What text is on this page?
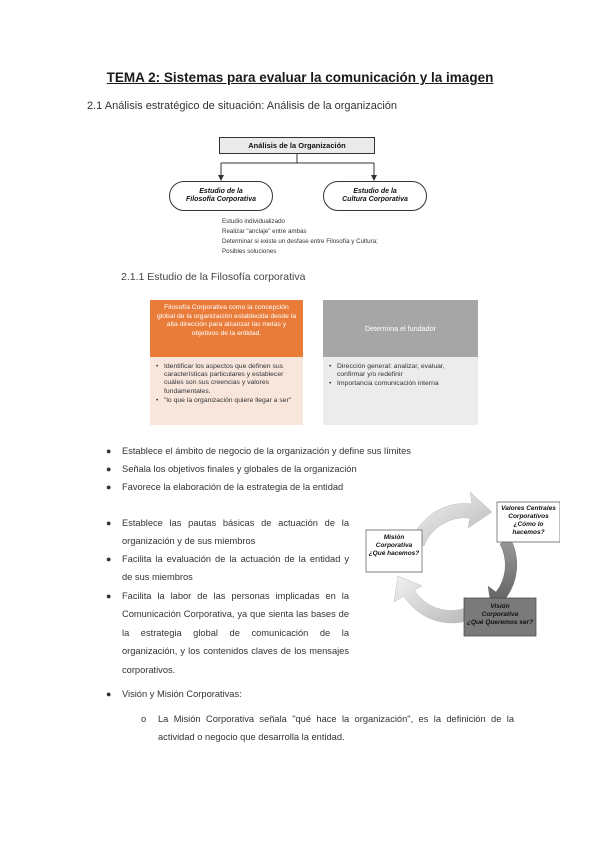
TEMA 2: Sistemas para evaluar la comunicación y la imagen
2.1 Análisis estratégico de situación: Análisis de la organización
Análisis de la Organización
Estudio de la
Filosofía Corporativa
Estudio de la
Cultura Corporativa
Estudio individualizado
Realizar "anclaje" entre ambas
Determinar si existe un desfase entre Filosofía y Cultura;
Posibles soluciones
2.1.1 Estudio de la Filosofía corporativa
Filosofía Corporativa como la concepción global de la organización establecida desde la alta dirección para alcanzar las metas y objetivos de la entidad.
• Identificar los aspectos que definen sus características particulares y establecer cuáles son sus creencias y valores fundamentales.
• "lo que la organización quiere llegar a ser"
Determina el fundador
• Dirección general: analizar, evaluar, confirmar y/o redefinir
• Importancia comunicación interna
● Establece el ámbito de negocio de la organización y define sus límites
● Señala los objetivos finales y globales de la organización
● Favorece la elaboración de la estrategia de la entidad
● Establece las pautas básicas de actuación de la organización y de sus miembros
● Facilita la evaluación de la actuación de la entidad y de sus miembros
● Facilita la labor de las personas implicadas en la Comunicación Corporativa, ya que sienta las bases de la estrategia global de comunicación de la organización, y los contenidos claves de los mensajes corporativos.
● Visión y Misión Corporativas:
o La Misión Corporativa señala "qué hace la organización", es la definición de la actividad o negocio que desarrolla la entidad.
Valores Centrales
Corporativos
¿Cómo lo hacemos?
Misión
Corporativa
¿Qué hacemos?
Visión
Corporativa
¿Qué Queremos ser?
